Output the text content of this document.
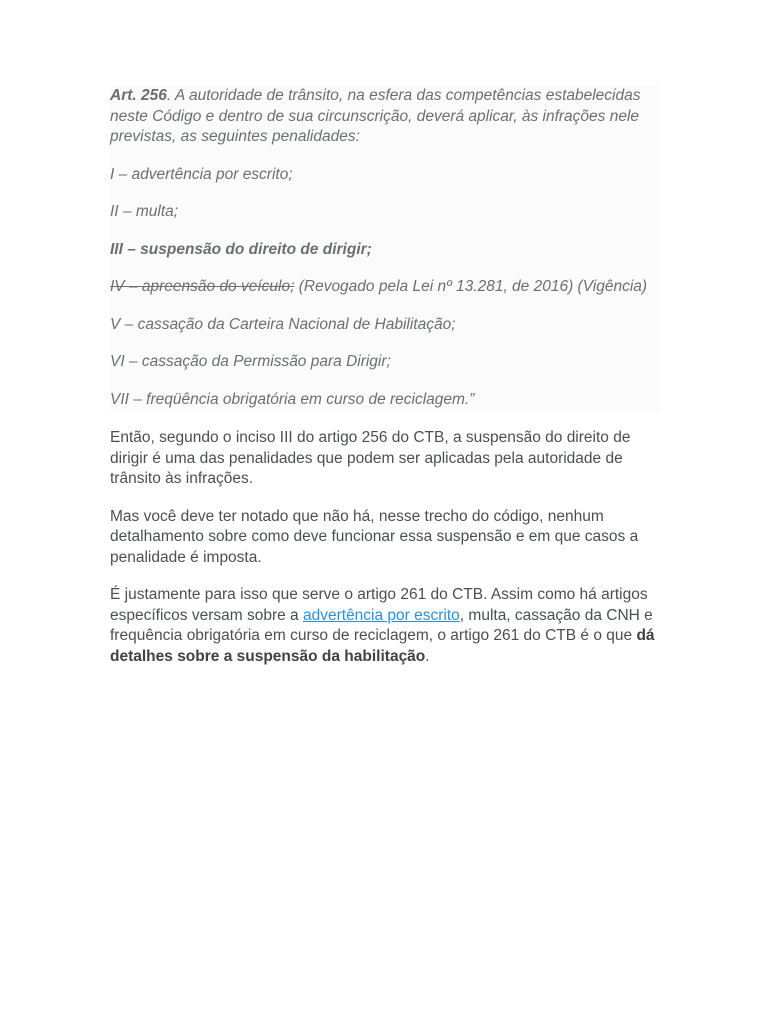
Art. 256. A autoridade de trânsito, na esfera das competências estabelecidas neste Código e dentro de sua circunscrição, deverá aplicar, às infrações nele previstas, as seguintes penalidades:

I – advertência por escrito;

II – multa;

III – suspensão do direito de dirigir;

IV – apreensão do veículo; (Revogado pela Lei nº 13.281, de 2016) (Vigência)

V – cassação da Carteira Nacional de Habilitação;

VI – cassação da Permissão para Dirigir;

VII – freqüência obrigatória em curso de reciclagem.”

Então, segundo o inciso III do artigo 256 do CTB, a suspensão do direito de dirigir é uma das penalidades que podem ser aplicadas pela autoridade de trânsito às infrações.

Mas você deve ter notado que não há, nesse trecho do código, nenhum detalhamento sobre como deve funcionar essa suspensão e em que casos a penalidade é imposta.

É justamente para isso que serve o artigo 261 do CTB. Assim como há artigos específicos versam sobre a advertência por escrito, multa, cassação da CNH e frequência obrigatória em curso de reciclagem, o artigo 261 do CTB é o que dá detalhes sobre a suspensão da habilitação.
